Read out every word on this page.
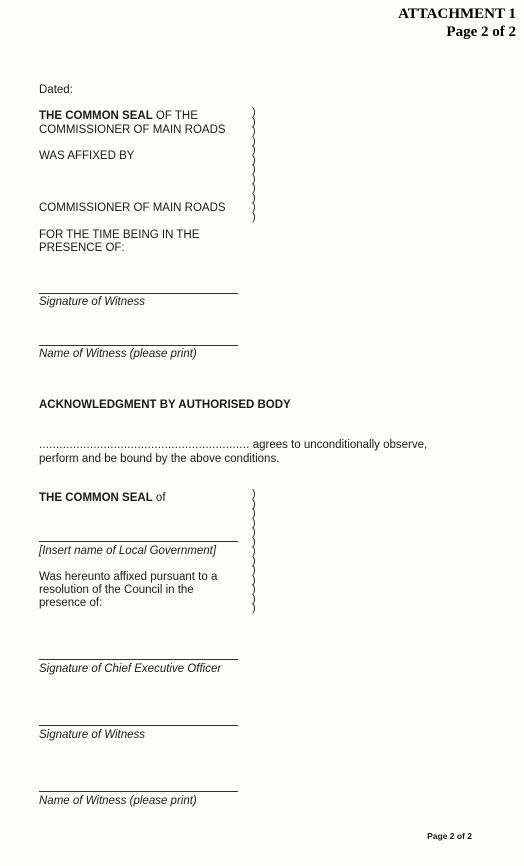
ATTACHMENT 1
Page 2 of 2
Dated:
THE COMMON SEAL OF THE
COMMISSIONER OF MAIN ROADS
WAS AFFIXED BY
COMMISSIONER OF MAIN ROADS
FOR THE TIME BEING IN THE
PRESENCE OF:
)
)
)
)
)
)
)
)
)
)
)
)
Signature of Witness
Name of Witness (please print)
ACKNOWLEDGMENT BY AUTHORISED BODY
.............................................................. agrees to unconditionally observe,
perform and be bound by the above conditions.
THE COMMON SEAL of
[Insert name of Local Government]
Was hereunto affixed pursuant to a
resolution of the Council in the
presence of:
)
)
)
)
)
)
)
)
)
)
)
)
)
Signature of Chief Executive Officer
Signature of Witness
Name of Witness (please print)
Page 2 of 2
